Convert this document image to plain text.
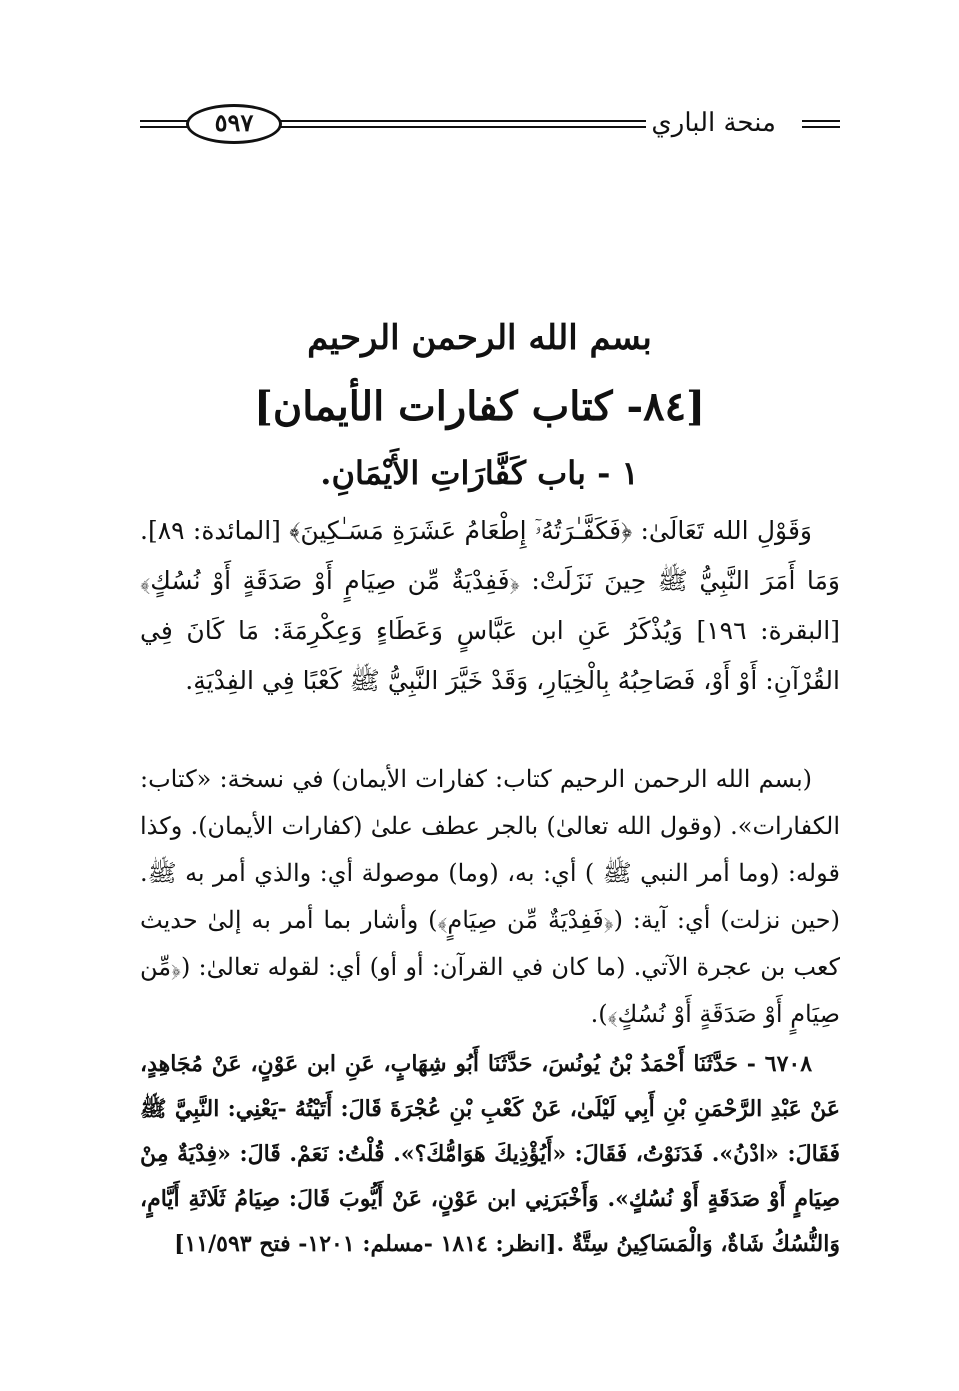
٥٩٧	منحة الباري
بسم الله الرحمن الرحيم
[٨٤- كتاب كفارات الأيمان]
١ - باب كَفَّارَاتِ الأَيْمَانِ.

وَقَوْلِ الله تَعَالَىٰ: ﴿فَكَفَّـٰرَتُهُۥٓ إِطْعَامُ عَشَرَةِ مَسَـٰكِينَ﴾ [المائدة: ٨٩]. وَمَا أَمَرَ النَّبِيُّ ﷺ حِينَ نَزَلَتْ: ﴿فَفِدْيَةٌ مِّن صِيَامٍ أَوْ صَدَقَةٍ أَوْ نُسُكٍ﴾ [البقرة: ١٩٦] وَيُذْكَرُ عَنِ ابن عَبَّاسٍ وَعَطَاءٍ وَعِكْرِمَةَ: مَا كَانَ فِي القُرْآنِ: أَوْ أَوْ، فَصَاحِبُهُ بِالْخِيَارِ، وَقَدْ خَيَّرَ النَّبِيُّ ﷺ كَعْبًا فِي الفِدْيَةِ.

(بسم الله الرحمن الرحيم كتاب: كفارات الأيمان) في نسخة: «كتاب: الكفارات». (وقول الله تعالىٰ) بالجر عطف علىٰ (كفارات الأيمان). وكذا قوله: (وما أمر النبي ﷺ ) أي: به، (وما) موصولة أي: والذي أمر به ﷺ. (حين نزلت) أي: آية: (﴿فَفِدْيَةٌ مِّن صِيَامٍ﴾) وأشار بما أمر به إلىٰ حديث كعب بن عجرة الآتي. (ما كان في القرآن: أو أو) أي: لقوله تعالىٰ: (﴿مِّن صِيَامٍ أَوْ صَدَقَةٍ أَوْ نُسُكٍ﴾).

٦٧٠٨ - حَدَّثَنَا أَحْمَدُ بْنُ يُونُسَ، حَدَّثَنَا أَبُو شِهَابٍ، عَنِ ابن عَوْنٍ، عَنْ مُجَاهِدٍ، عَنْ عَبْدِ الرَّحْمَنِ بْنِ أَبِي لَيْلَىٰ، عَنْ كَعْبِ بْنِ عُجْرَةَ قَالَ: أَتَيْتُهُ -يَعْنِي: النَّبِيَّ ﷺ فَقَالَ: «ادْنُ». فَدَنَوْتُ، فَقَالَ: «أَيُؤْذِيكَ هَوَامُّكَ؟». قُلْتُ: نَعَمْ. قَالَ: «فِدْيَةٌ مِنْ صِيَامٍ أَوْ صَدَقَةٍ أَوْ نُسُكٍ». وَأَخْبَرَنِي ابن عَوْنٍ، عَنْ أَيُّوبَ قَالَ: صِيَامُ ثَلَاثَةِ أَيَّامٍ، وَالنُّسُكُ شَاةٌ، وَالْمَسَاكِينُ سِتَّةٌ .[انظر: ١٨١٤ -مسلم: ١٢٠١- فتح ١١/٥٩٣]
